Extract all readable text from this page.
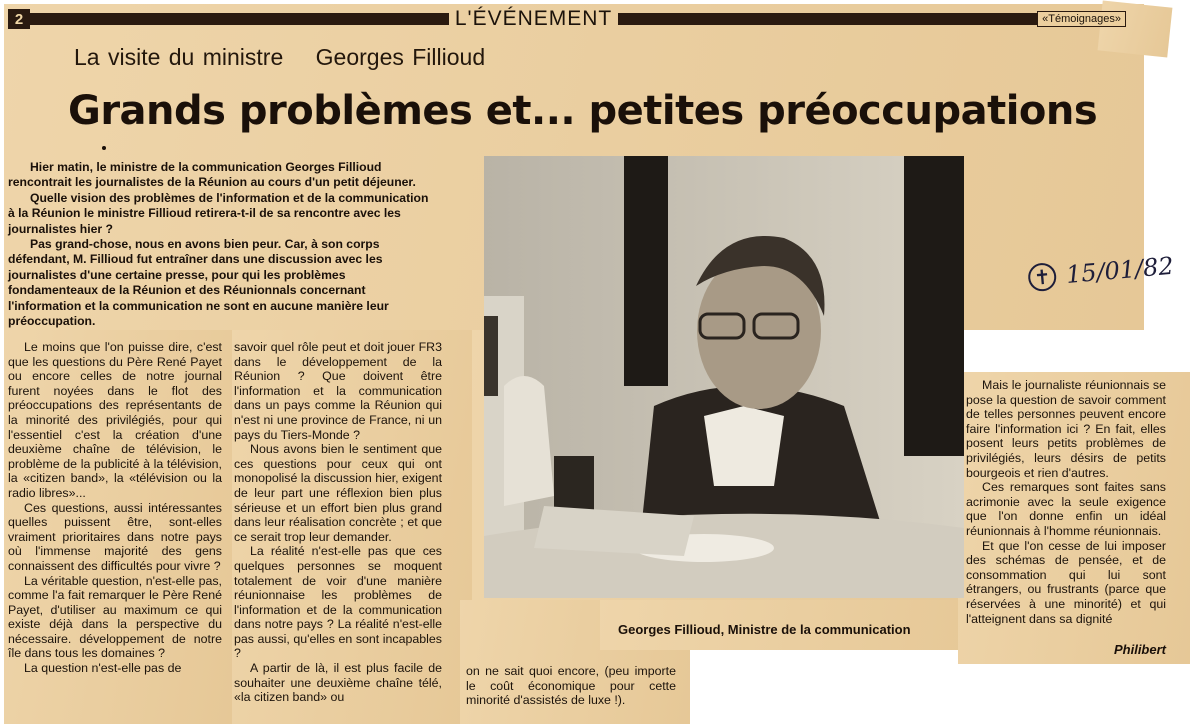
2	L'ÉVÉNEMENT	«Témoignages»
La visite du ministre Georges Fillioud
Grands problèmes et... petites préoccupations

Hier matin, le ministre de la communication Georges Fillioud rencontrait les journalistes de la Réunion au cours d'un petit déjeuner.

Quelle vision des problèmes de l'information et de la communication à la Réunion le ministre Fillioud retirera-t-il de sa rencontre avec les journalistes hier ?

Pas grand-chose, nous en avons bien peur. Car, à son corps défendant, M. Fillioud fut entraîner dans une discussion avec les journalistes d'une certaine presse, pour qui les problèmes fondamenteaux de la Réunion et des Réunionnals concernant l'information et la communication ne sont en aucune manière leur préoccupation.

Georges Fillioud, Ministre de la communication

Le moins que l'on puisse dire, c'est que les questions du Père René Payet ou encore celles de notre journal furent noyées dans le flot des préoccupations des représentants de la minorité des privilégiés, pour qui l'essentiel c'est la création d'une deuxième chaîne de télévision, le problème de la publicité à la télévision, la «citizen band», la «télévision ou la radio libres»...

Ces questions, aussi intéressantes quelles puissent être, sont-elles vraiment prioritaires dans notre pays où l'immense majorité des gens connaissent des difficultés pour vivre ?

La véritable question, n'est-elle pas, comme l'a fait remarquer le Père René Payet, d'utiliser au maximum ce qui existe déjà dans la perspective du nécessaire. développement de notre île dans tous les domaines ?

La question n'est-elle pas de

savoir quel rôle peut et doit jouer FR3 dans le développement de la Réunion ? Que doivent être l'information et la communication dans un pays comme la Réunion qui n'est ni une province de France, ni un pays du Tiers-Monde ?

Nous avons bien le sentiment que ces questions pour ceux qui ont monopolisé la discussion hier, exigent de leur part une réflexion bien plus sérieuse et un effort bien plus grand dans leur réalisation concrète ; et que ce serait trop leur demander.

La réalité n'est-elle pas que ces quelques personnes se moquent totalement de voir d'une manière réunionnaise les problèmes de l'information et de la communication dans notre pays ? La réalité n'est-elle pas aussi, qu'elles en sont incapables ?

A partir de là, il est plus facile de souhaiter une deuxième chaîne télé, «la citizen band» ou

on ne sait quoi encore, (peu importe le coût économique pour cette minorité d'assistés de luxe !).

Mais le journaliste réunionnais se pose la question de savoir comment de telles personnes peuvent encore faire l'information ici ? En fait, elles posent leurs petits problèmes de privilégiés, leurs désirs de petits bourgeois et rien d'autres.

Ces remarques sont faites sans acrimonie avec la seule exigence que l'on donne enfin un idéal réunionnais à l'homme réunionnais.

Et que l'on cesse de lui imposer des schémas de pensée, et de consommation qui lui sont étrangers, ou frustrants (parce que réservées à une minorité) et qui l'atteignent dans sa dignité

Philibert
✝ 15/01/82
